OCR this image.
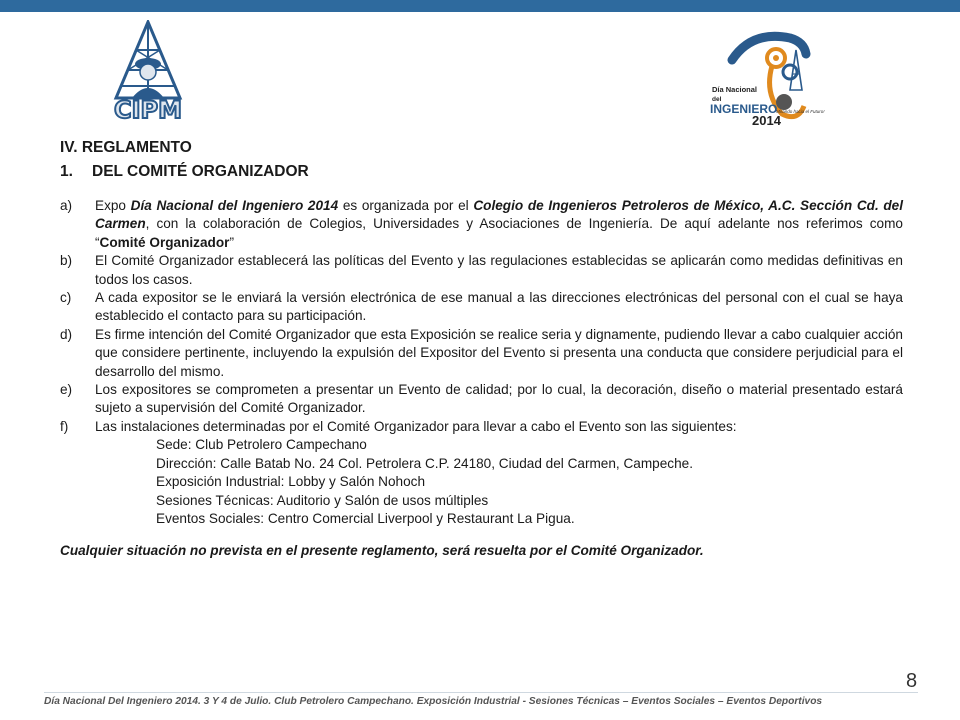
CIPM
Día Nacional
del
INGENIERO
2014
Mirando hacia el Futuro!
IV. REGLAMENTO
1. DEL COMITÉ ORGANIZADOR
a)	Expo Día Nacional del Ingeniero 2014 es organizada por el Colegio de Ingenieros Petroleros de México, A.C. Sección Cd. del Carmen, con la colaboración de Colegios, Universidades y Asociaciones de Ingeniería. De aquí adelante nos referimos como “Comité Organizador”
b)	El Comité Organizador establecerá las políticas del Evento y las regulaciones establecidas se aplicarán como medidas definitivas en todos los casos.
c)	A cada expositor se le enviará la versión electrónica de ese manual a las direcciones electrónicas del personal con el cual se haya establecido el contacto para su participación.
d)	Es firme intención del Comité Organizador que esta Exposición se realice seria y dignamente, pudiendo llevar a cabo cualquier acción que considere pertinente, incluyendo la expulsión del Expositor del Evento si presenta una conducta que considere perjudicial para el desarrollo del mismo.
e)	Los expositores se comprometen a presentar un Evento de calidad; por lo cual, la decoración, diseño o material presentado estará sujeto a supervisión del Comité Organizador.
f)	Las instalaciones determinadas por el Comité Organizador para llevar a cabo el Evento son las siguientes:
Sede: Club Petrolero Campechano
Dirección: Calle Batab No. 24 Col. Petrolera C.P. 24180, Ciudad del Carmen, Campeche.
Exposición Industrial: Lobby y Salón Nohoch
Sesiones Técnicas: Auditorio y Salón de usos múltiples
Eventos Sociales: Centro Comercial Liverpool y Restaurant La Pigua.
Cualquier situación no prevista en el presente reglamento, será resuelta por el Comité Organizador.
8
Día Nacional Del Ingeniero 2014. 3 Y 4 de Julio. Club Petrolero Campechano. Exposición Industrial - Sesiones Técnicas – Eventos Sociales – Eventos Deportivos
